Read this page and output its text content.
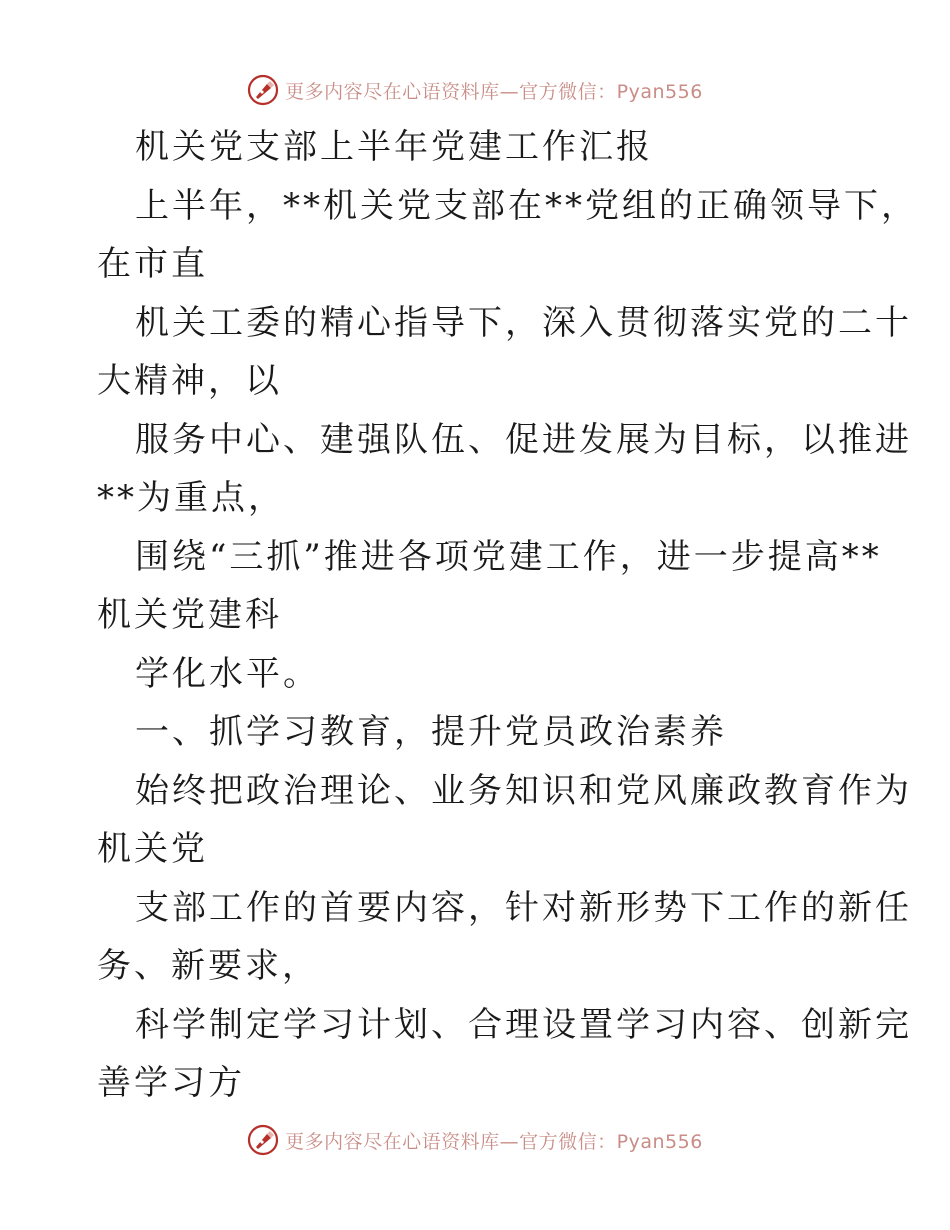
更多内容尽在心语资料库—官方微信：Pyan556
机关党支部上半年党建工作汇报
上半年，**机关党支部在**党组的正确领导下，
在市直
机关工委的精心指导下，深入贯彻落实党的二十
大精神，以
服务中心、建强队伍、促进发展为目标，以推进
**为重点，
围绕“三抓”推进各项党建工作，进一步提高**
机关党建科
学化水平。
一、抓学习教育，提升党员政治素养
始终把政治理论、业务知识和党风廉政教育作为
机关党
支部工作的首要内容，针对新形势下工作的新任
务、新要求，
科学制定学习计划、合理设置学习内容、创新完
善学习方
更多内容尽在心语资料库—官方微信：Pyan556
